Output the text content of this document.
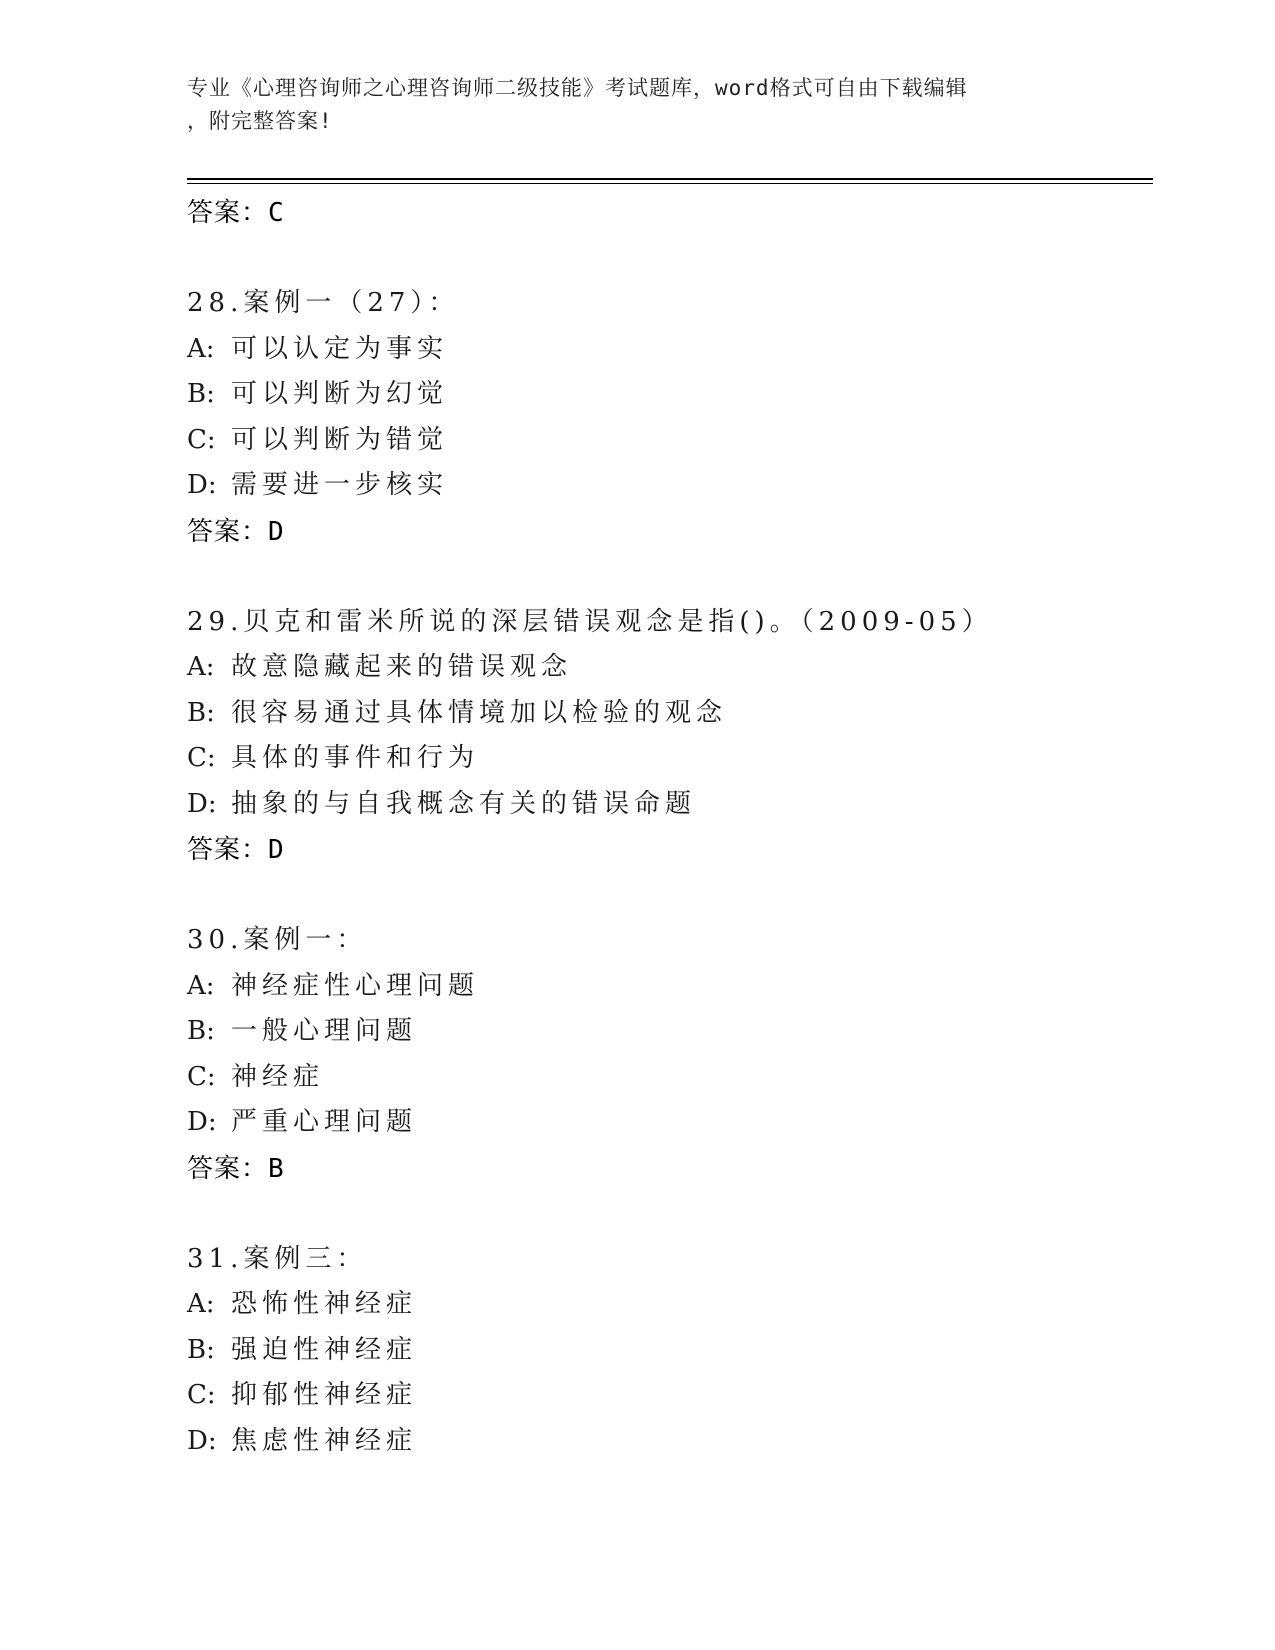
专业《心理咨询师之心理咨询师二级技能》考试题库，word格式可自由下载编辑
，附完整答案!
答案：C
28.案例一（27）：
A: 可以认定为事实
B: 可以判断为幻觉
C: 可以判断为错觉
D: 需要进一步核实
答案：D
29.贝克和雷米所说的深层错误观念是指()。（2009-05）
A: 故意隐藏起来的错误观念
B: 很容易通过具体情境加以检验的观念
C: 具体的事件和行为
D: 抽象的与自我概念有关的错误命题
答案：D
30.案例一：
A: 神经症性心理问题
B: 一般心理问题
C: 神经症
D: 严重心理问题
答案：B
31.案例三：
A: 恐怖性神经症
B: 强迫性神经症
C: 抑郁性神经症
D: 焦虑性神经症
